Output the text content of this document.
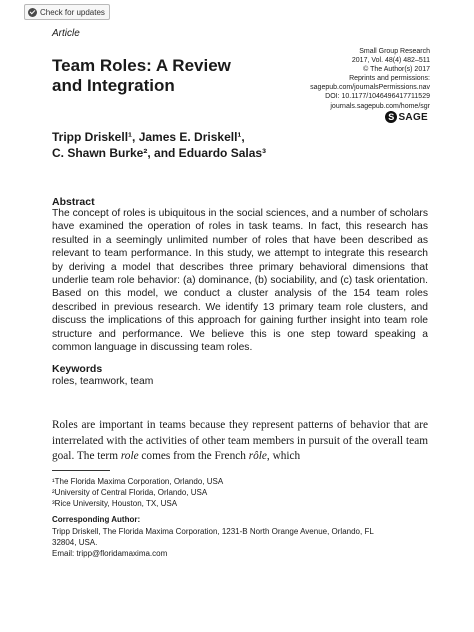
Check for updates
Article
Team Roles: A Review
and Integration
Small Group Research
2017, Vol. 48(4) 482–511
© The Author(s) 2017
Reprints and permissions:
sagepub.com/journalsPermissions.nav
DOI: 10.1177/1046496417711529
journals.sagepub.com/home/sgr
S SAGE
Tripp Driskell¹, James E. Driskell¹,
C. Shawn Burke², and Eduardo Salas³
Abstract

The concept of roles is ubiquitous in the social sciences, and a number of scholars have examined the operation of roles in task teams. In fact, this research has resulted in a seemingly unlimited number of roles that have been described as relevant to team performance. In this study, we attempt to integrate this research by deriving a model that describes three primary behavioral dimensions that underlie team role behavior: (a) dominance, (b) sociability, and (c) task orientation. Based on this model, we conduct a cluster analysis of the 154 team roles described in previous research. We identify 13 primary team role clusters, and discuss the implications of this approach for gaining further insight into team role structure and performance. We believe this is one step toward speaking a common language in discussing team roles.

Keywords
roles, teamwork, team

Roles are important in teams because they represent patterns of behavior that are interrelated with the activities of other team members in pursuit of the overall team goal. The term role comes from the French rôle, which

¹The Florida Maxima Corporation, Orlando, USA
²University of Central Florida, Orlando, USA
³Rice University, Houston, TX, USA
Corresponding Author:
Tripp Driskell, The Florida Maxima Corporation, 1231-B North Orange Avenue, Orlando, FL
32804, USA.
Email: tripp@floridamaxima.com
